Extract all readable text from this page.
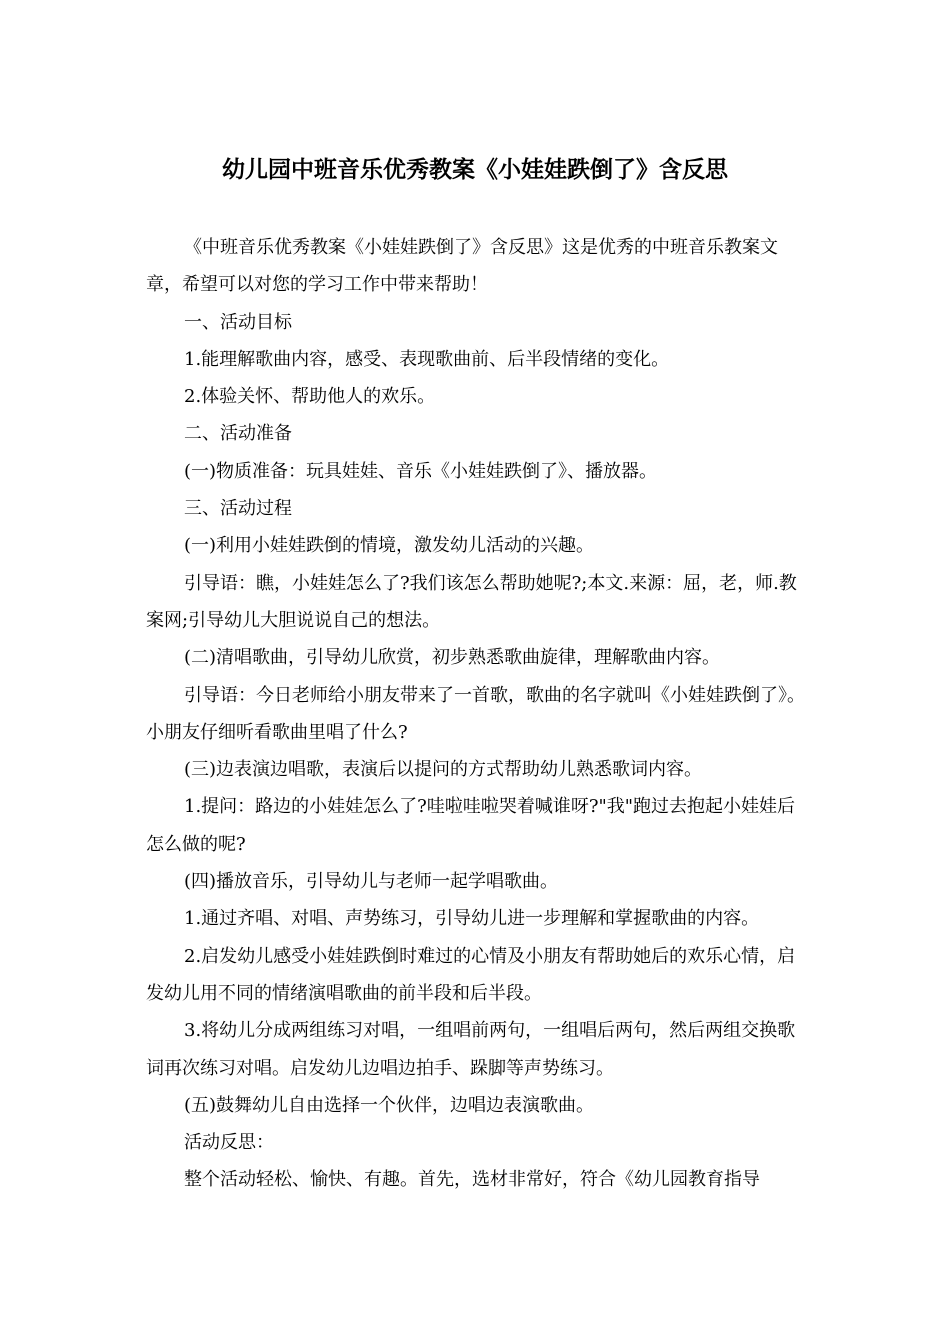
幼儿园中班音乐优秀教案《小娃娃跌倒了》含反思

《中班音乐优秀教案《小娃娃跌倒了》含反思》这是优秀的中班音乐教案文章，希望可以对您的学习工作中带来帮助！

一、活动目标

1.能理解歌曲内容，感受、表现歌曲前、后半段情绪的变化。

2.体验关怀、帮助他人的欢乐。

二、活动准备

(一)物质准备：玩具娃娃、音乐《小娃娃跌倒了》、播放器。

三、活动过程

(一)利用小娃娃跌倒的情境，激发幼儿活动的兴趣。

引导语：瞧，小娃娃怎么了?我们该怎么帮助她呢?;本文.来源：屈，老，师.教案网;引导幼儿大胆说说自己的想法。

(二)清唱歌曲，引导幼儿欣赏，初步熟悉歌曲旋律，理解歌曲内容。

引导语：今日老师给小朋友带来了一首歌，歌曲的名字就叫《小娃娃跌倒了》。小朋友仔细听看歌曲里唱了什么?

(三)边表演边唱歌，表演后以提问的方式帮助幼儿熟悉歌词内容。

1.提问：路边的小娃娃怎么了?哇啦哇啦哭着喊谁呀?"我"跑过去抱起小娃娃后怎么做的呢?

(四)播放音乐，引导幼儿与老师一起学唱歌曲。

1.通过齐唱、对唱、声势练习，引导幼儿进一步理解和掌握歌曲的内容。

2.启发幼儿感受小娃娃跌倒时难过的心情及小朋友有帮助她后的欢乐心情，启发幼儿用不同的情绪演唱歌曲的前半段和后半段。

3.将幼儿分成两组练习对唱，一组唱前两句，一组唱后两句，然后两组交换歌词再次练习对唱。启发幼儿边唱边拍手、跺脚等声势练习。

(五)鼓舞幼儿自由选择一个伙伴，边唱边表演歌曲。

活动反思：

整个活动轻松、愉快、有趣。首先，选材非常好，符合《幼儿园教育指导
